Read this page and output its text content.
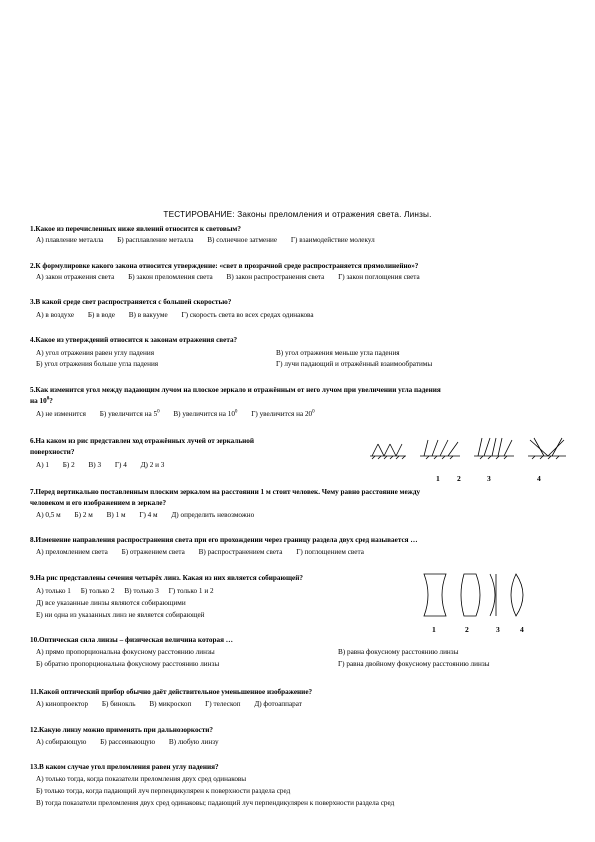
ТЕСТИРОВАНИЕ: Законы преломления и отражения света. Линзы.
1.Какое из перечисленных ниже явлений относится к световым?
А) плавление металла Б) расплавление металла В) солнечное затмение Г) взаимодействие молекул
2.К формулировке какого закона относится утверждение: «свет в прозрачной среде распространяется прямолинейно»?
А) закон отражения света Б) закон преломления света В) закон распространения света Г) закон поглощения света
3.В какой среде свет распространяется с большей скоростью?
А) в воздухе Б) в воде В) в вакууме Г) скорость света во всех средах одинакова
4.Какое из утверждений относится к законам отражения света?
А) угол отражения равен углу падения	В) угол отражения меньше угла падения
Б) угол отражения больше угла падения	Г) лучи падающий и отражённый взаимообратимы
5.Как изменится угол между падающим лучом на плоское зеркало и отражённым от него лучом при увеличении угла падения
на $10^0$?
А) не изменится Б) увеличится на $5^0$ В) увеличится на $10^0$ Г) увеличится на $20^0$
6.На каком из рис представлен ход отражённых лучей от зеркальной
поверхности?
А) 1 Б) 2 В) 3 Г) 4 Д) 2 и 3
1	3
2	4
7.Перед вертикально поставленным плоским зеркалом на расстоянии 1 м стоит человек. Чему равно расстояние между
человеком и его изображением в зеркале?
А) 0,5 м Б) 2 м В) 1 м Г) 4 м Д) определить невозможно
8.Изменение направления распространения света при его прохождении через границу раздела двух сред называется …
А) преломлением света Б) отражением света В) распространением света Г) поглощением света
9.На рис представлены сечения четырёх линз. Какая из них является собирающей?
А) только 1 Б) только 2 В) только 3 Г) только 1 и 2
Д) все указанные линзы являются собирающими
Е) ни одна из указанных линз не является собирающей
1	2	3	4
10.Оптическая сила линзы – физическая величина которая …
А) прямо пропорциональна фокусному расстоянию линзы	В) равна фокусному расстоянию линзы
Б) обратно пропорциональна фокусному расстоянию линзы	Г) равна двойному фокусному расстоянию линзы
11.Какой оптический прибор обычно даёт действительное уменьшенное изображение?
А) кинопроектор Б) бинокль В) микроскоп Г) телескоп Д) фотоаппарат
12.Какую линзу можно применять при дальнозоркости?
А) собирающую Б) рассеивающую В) любую линзу
13.В каком случае угол преломления равен углу падения?
А) только тогда, когда показатели преломления двух сред одинаковы
Б) только тогда, когда падающий луч перпендикулярен к поверхности раздела сред
В) тогда показатели преломления двух сред одинаковы; падающий луч перпендикулярен к поверхности раздела сред
